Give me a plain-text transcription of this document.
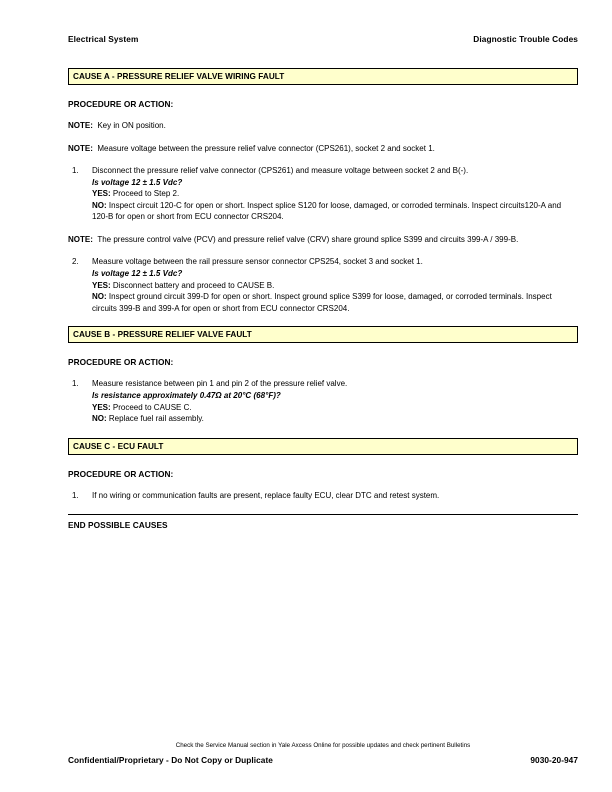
Electrical System	Diagnostic Trouble Codes
CAUSE A - PRESSURE RELIEF VALVE WIRING FAULT
PROCEDURE OR ACTION:
NOTE: Key in ON position.
NOTE: Measure voltage between the pressure relief valve connector (CPS261), socket 2 and socket 1.
1.	Disconnect the pressure relief valve connector (CPS261) and measure voltage between socket 2 and B(-).
Is voltage 12 ± 1.5 Vdc?
YES: Proceed to Step 2.
NO: Inspect circuit 120-C for open or short. Inspect splice S120 for loose, damaged, or corroded terminals. Inspect circuits120-A and 120-B for open or short from ECU connector CRS204.
NOTE: The pressure control valve (PCV) and pressure relief valve (CRV) share ground splice S399 and circuits 399-A / 399-B.
2.	Measure voltage between the rail pressure sensor connector CPS254, socket 3 and socket 1.
Is voltage 12 ± 1.5 Vdc?
YES: Disconnect battery and proceed to CAUSE B.
NO: Inspect ground circuit 399-D for open or short. Inspect ground splice S399 for loose, damaged, or corroded terminals. Inspect circuits 399-B and 399-A for open or short from ECU connector CRS204.
CAUSE B - PRESSURE RELIEF VALVE FAULT
PROCEDURE OR ACTION:
1.	Measure resistance between pin 1 and pin 2 of the pressure relief valve.
Is resistance approximately 0.47Ω at 20°C (68°F)?
YES: Proceed to CAUSE C.
NO: Replace fuel rail assembly.
CAUSE C - ECU FAULT
PROCEDURE OR ACTION:
1.	If no wiring or communication faults are present, replace faulty ECU, clear DTC and retest system.
END POSSIBLE CAUSES
Check the Service Manual section in Yale Axcess Online for possible updates and check pertinent Bulletins
Confidential/Proprietary - Do Not Copy or Duplicate	9030-20-947
